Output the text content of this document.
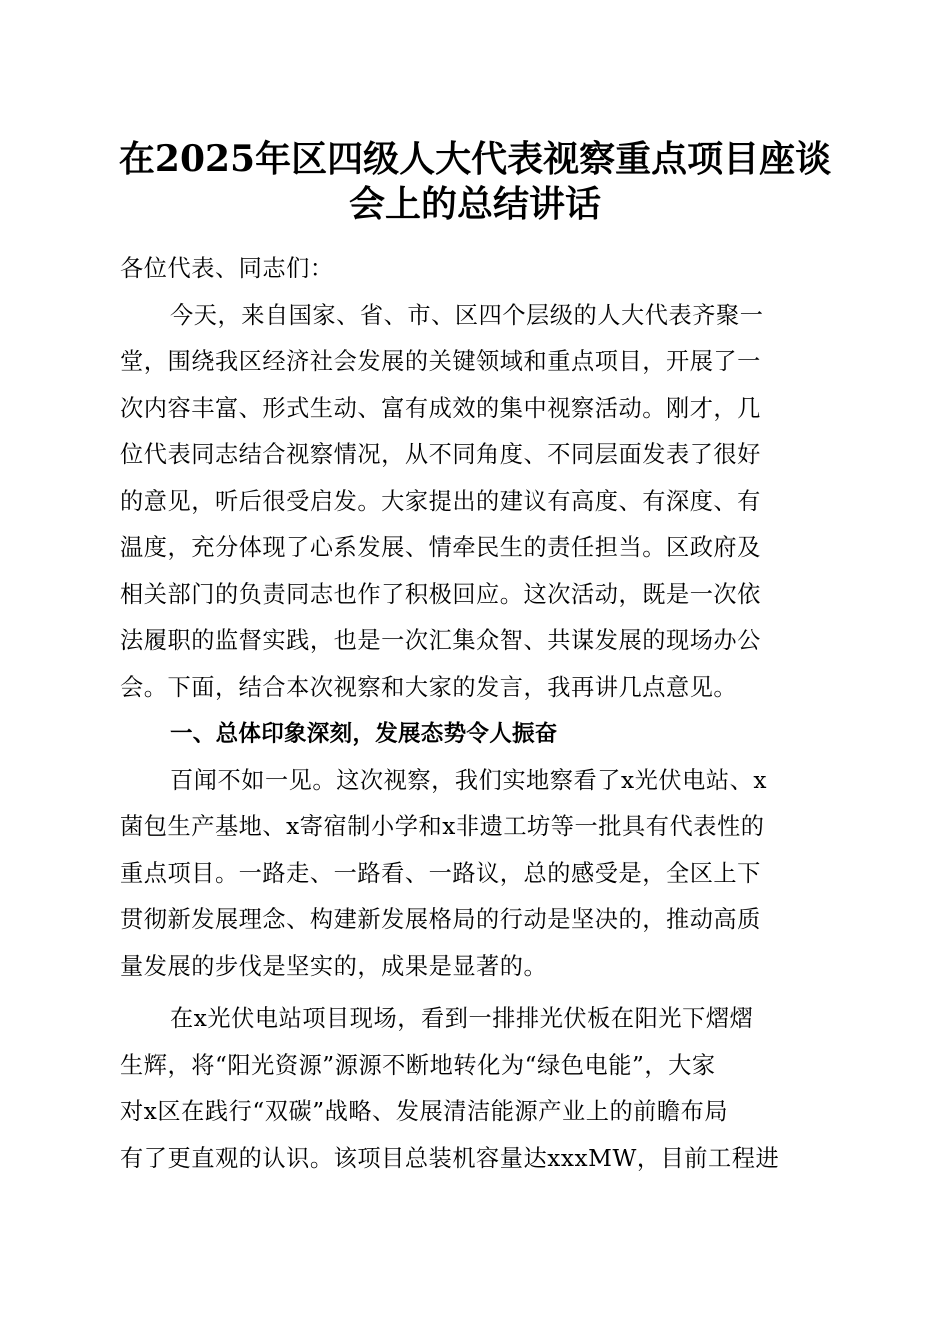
在2025年区四级人大代表视察重点项目座谈
会上的总结讲话
各位代表、同志们：
今天，来自国家、省、市、区四个层级的人大代表齐聚一
堂，围绕我区经济社会发展的关键领域和重点项目，开展了一
次内容丰富、形式生动、富有成效的集中视察活动。刚才，几
位代表同志结合视察情况，从不同角度、不同层面发表了很好
的意见，听后很受启发。大家提出的建议有高度、有深度、有
温度，充分体现了心系发展、情牵民生的责任担当。区政府及
相关部门的负责同志也作了积极回应。这次活动，既是一次依
法履职的监督实践，也是一次汇集众智、共谋发展的现场办公
会。下面，结合本次视察和大家的发言，我再讲几点意见。
一、总体印象深刻，发展态势令人振奋
百闻不如一见。这次视察，我们实地察看了x光伏电站、x
菌包生产基地、x寄宿制小学和x非遗工坊等一批具有代表性的
重点项目。一路走、一路看、一路议，总的感受是，全区上下
贯彻新发展理念、构建新发展格局的行动是坚决的，推动高质
量发展的步伐是坚实的，成果是显著的。
在x光伏电站项目现场，看到一排排光伏板在阳光下熠熠
生辉，将“阳光资源”源源不断地转化为“绿色电能”，大家
对x区在践行“双碳”战略、发展清洁能源产业上的前瞻布局
有了更直观的认识。该项目总装机容量达xxxMW，目前工程进
